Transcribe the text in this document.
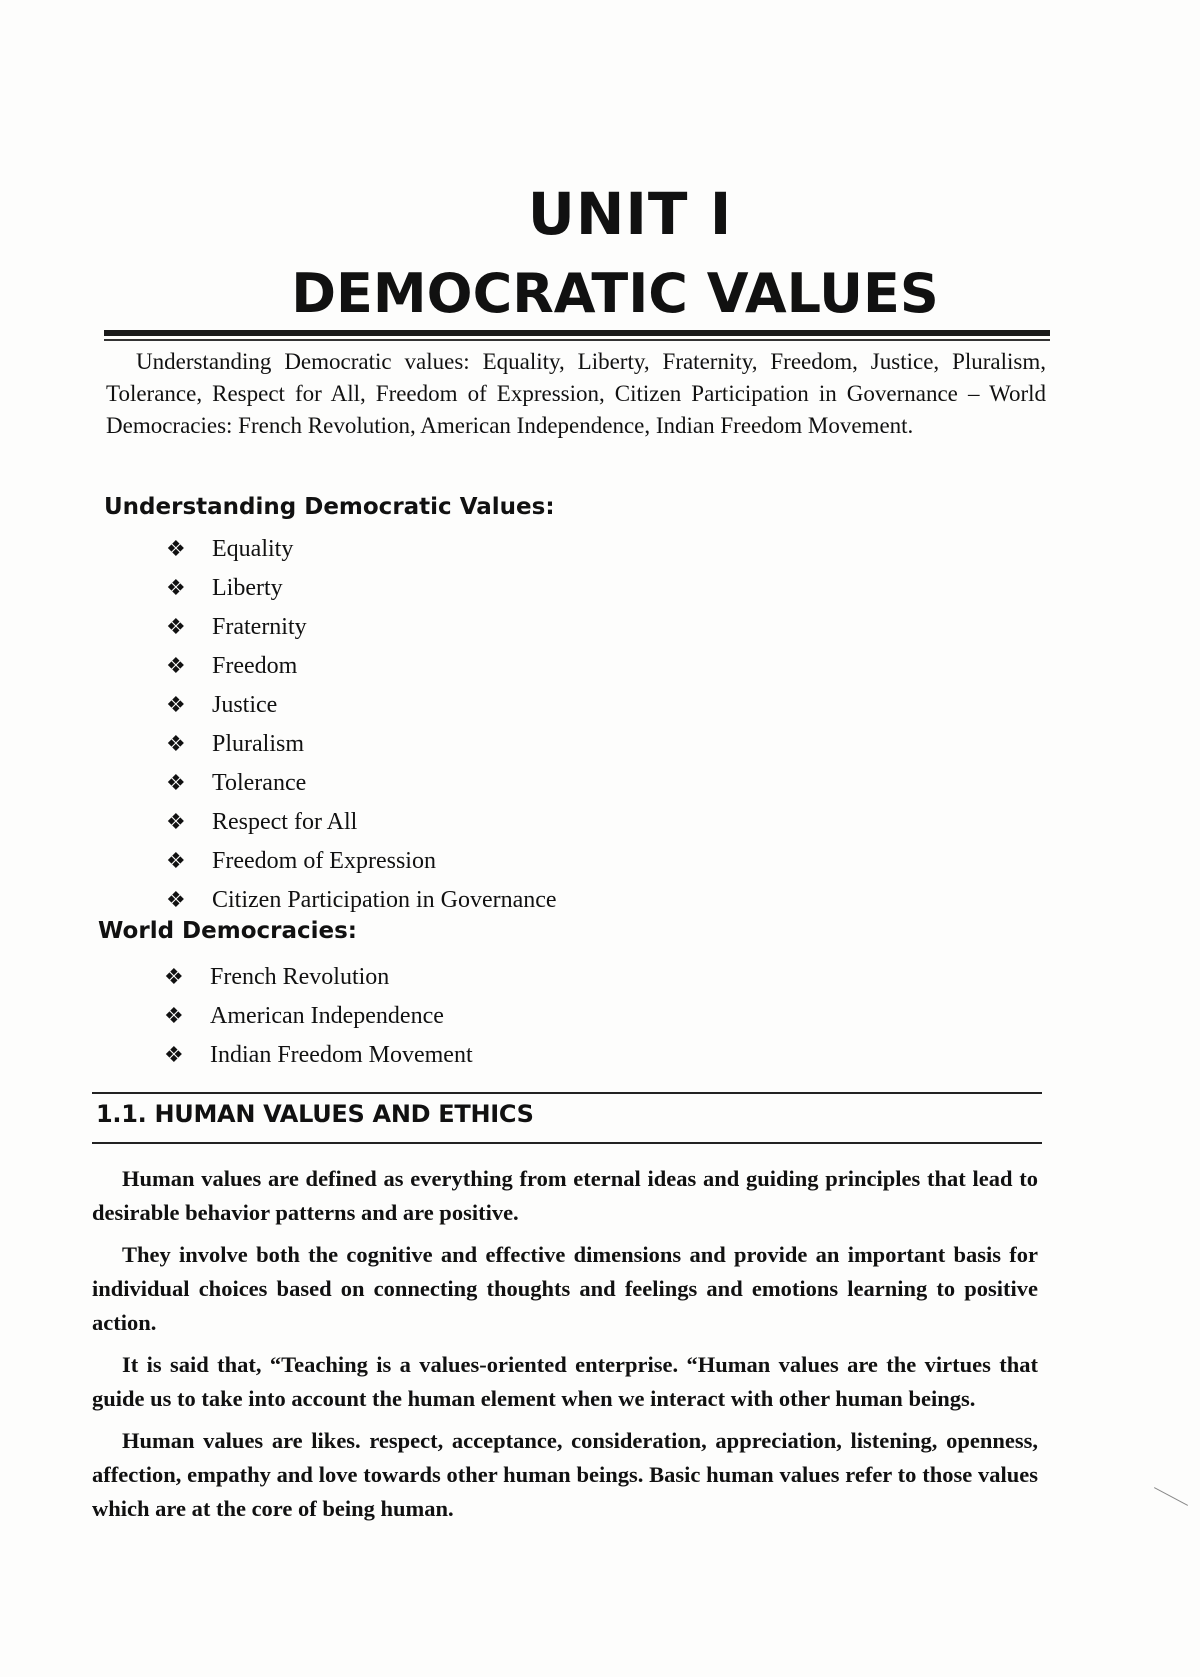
UNIT I
DEMOCRATIC VALUES
Understanding Democratic values: Equality, Liberty, Fraternity, Freedom, Justice, Pluralism, Tolerance, Respect for All, Freedom of Expression, Citizen Participation in Governance – World Democracies: French Revolution, American Independence, Indian Freedom Movement.
Understanding Democratic Values:
❖ Equality
❖ Liberty
❖ Fraternity
❖ Freedom
❖ Justice
❖ Pluralism
❖ Tolerance
❖ Respect for All
❖ Freedom of Expression
❖ Citizen Participation in Governance
World Democracies:
❖ French Revolution
❖ American Independence
❖ Indian Freedom Movement
1.1. HUMAN VALUES AND ETHICS

Human values are defined as everything from eternal ideas and guiding principles that lead to desirable behavior patterns and are positive.

They involve both the cognitive and effective dimensions and provide an important basis for individual choices based on connecting thoughts and feelings and emotions learning to positive action.

It is said that, “Teaching is a values-oriented enterprise. “Human values are the virtues that guide us to take into account the human element when we interact with other human beings.

Human values are likes. respect, acceptance, consideration, appreciation, listening, openness, affection, empathy and love towards other human beings. Basic human values refer to those values which are at the core of being human.
